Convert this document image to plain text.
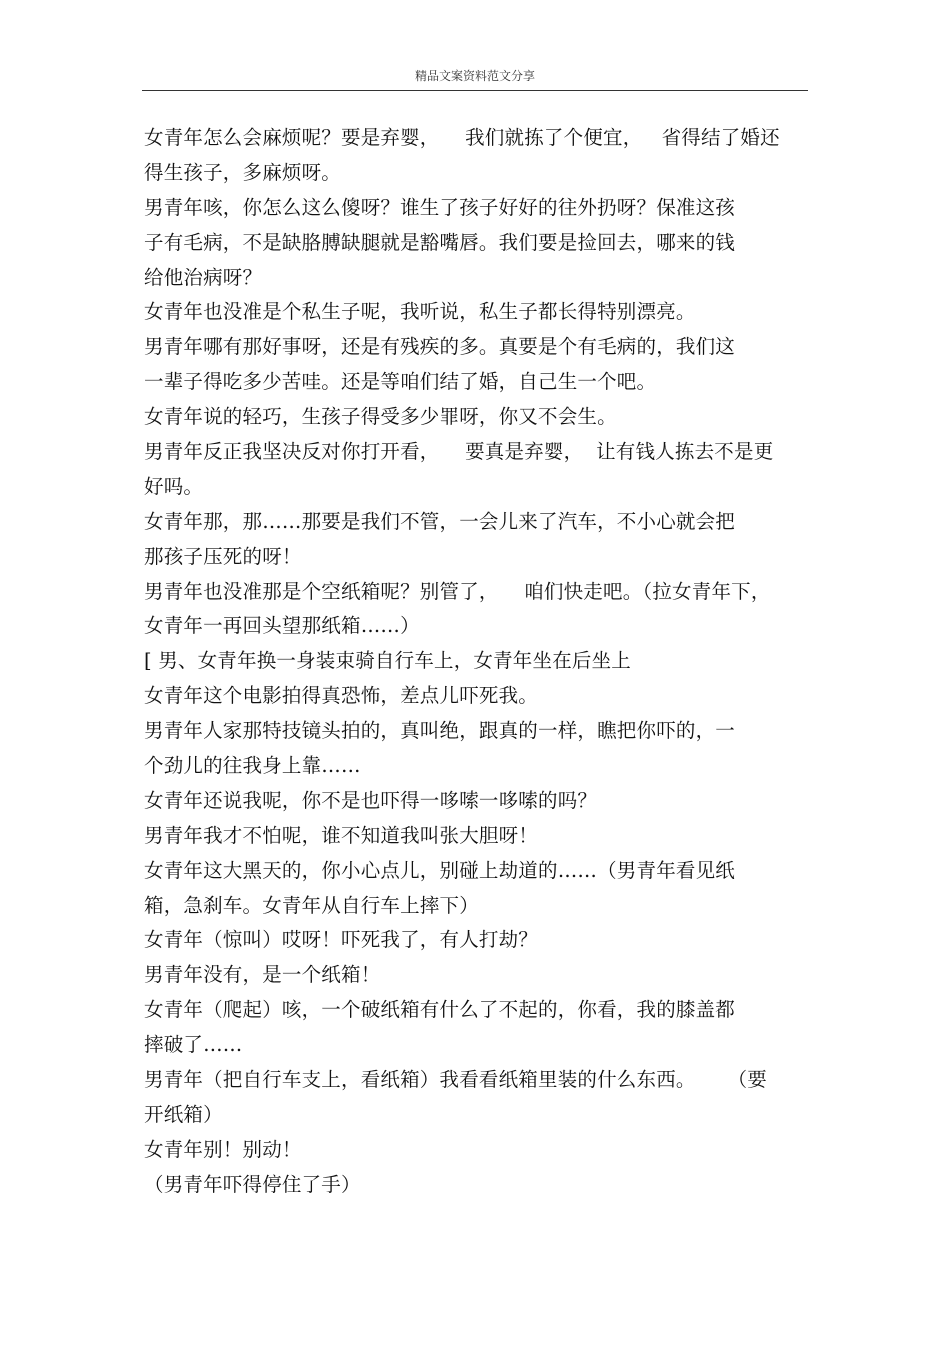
精品文案资料范文分享
女青年怎么会麻烦呢？要是弃婴，    我们就拣了个便宜，   省得结了婚还
得生孩子，多麻烦呀。
男青年咳，你怎么这么傻呀？谁生了孩子好好的往外扔呀？保准这孩
子有毛病，不是缺胳膊缺腿就是豁嘴唇。我们要是捡回去，哪来的钱
给他治病呀？
女青年也没准是个私生子呢，我听说，私生子都长得特别漂亮。
男青年哪有那好事呀，还是有残疾的多。真要是个有毛病的，我们这
一辈子得吃多少苦哇。还是等咱们结了婚，自己生一个吧。
女青年说的轻巧，生孩子得受多少罪呀，你又不会生。
男青年反正我坚决反对你打开看，    要真是弃婴，  让有钱人拣去不是更
好吗。
女青年那，那……那要是我们不管，一会儿来了汽车，不小心就会把
那孩子压死的呀！
男青年也没准那是个空纸箱呢？别管了，    咱们快走吧。（拉女青年下，
女青年一再回头望那纸箱……）
[ 男、女青年换一身装束骑自行车上，女青年坐在后坐上
女青年这个电影拍得真恐怖，差点儿吓死我。
男青年人家那特技镜头拍的，真叫绝，跟真的一样，瞧把你吓的，一
个劲儿的往我身上靠……
女青年还说我呢，你不是也吓得一哆嗦一哆嗦的吗？
男青年我才不怕呢，谁不知道我叫张大胆呀！
女青年这大黑天的，你小心点儿，别碰上劫道的……（男青年看见纸
箱，急刹车。女青年从自行车上摔下）
女青年（惊叫）哎呀！吓死我了，有人打劫？
男青年没有，是一个纸箱！
女青年（爬起）咳，一个破纸箱有什么了不起的，你看，我的膝盖都
摔破了……
男青年（把自行车支上，看纸箱）我看看纸箱里装的什么东西。     （要
开纸箱）
女青年别！别动！
（男青年吓得停住了手）
